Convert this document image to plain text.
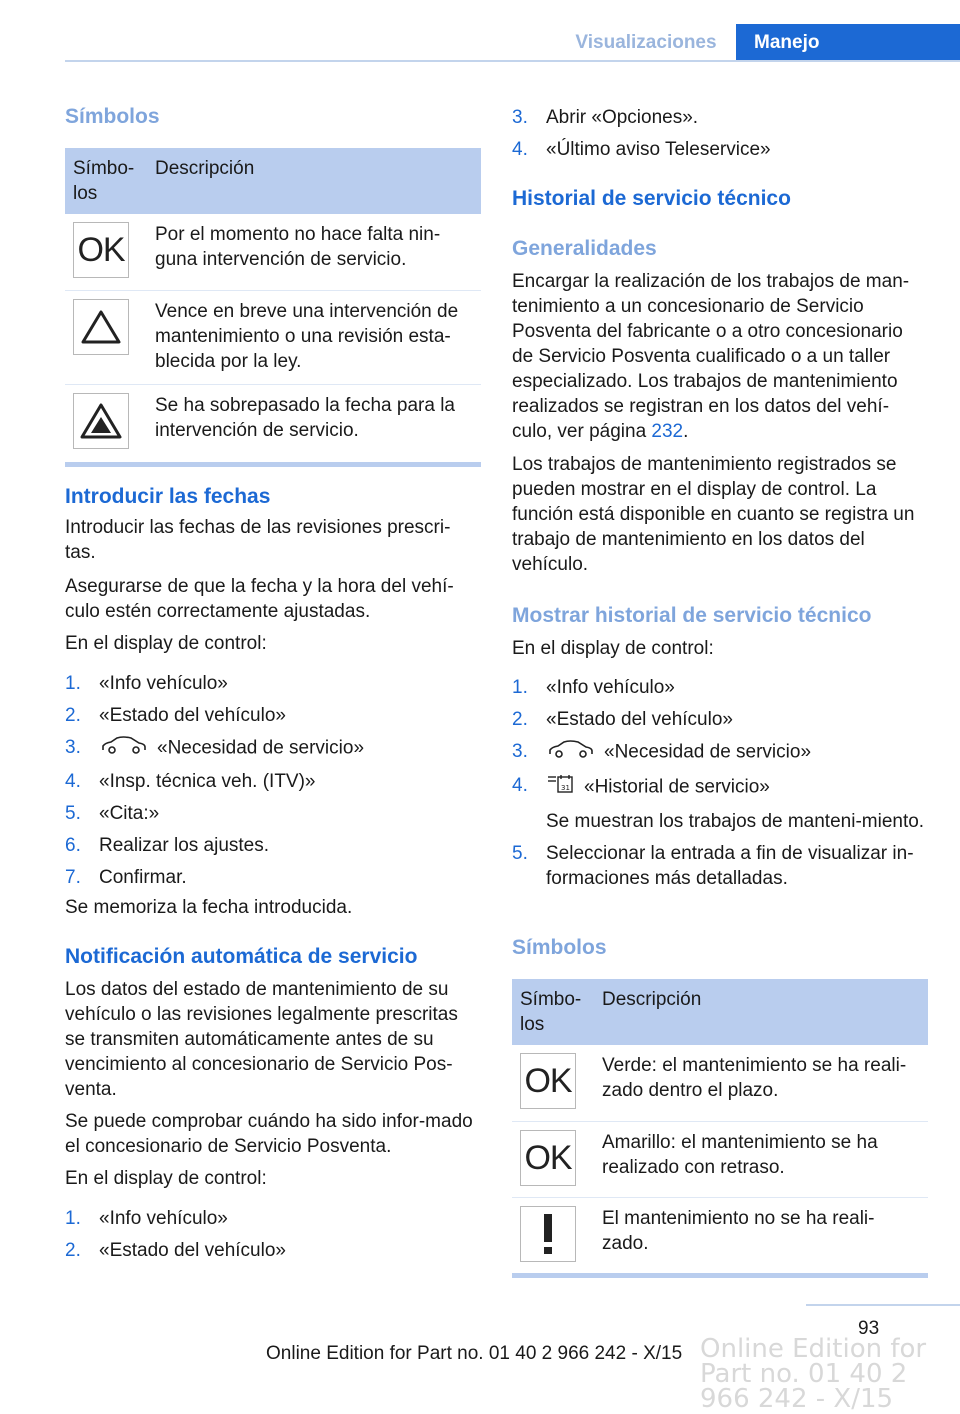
Visualizaciones	Manejo
Símbolos
Símbo-
los	Descripción

OK	Por el momento no hace falta nin-guna intervención de servicio.

	Vence en breve una intervención de mantenimiento o una revisión esta-blecida por la ley.

	Se ha sobrepasado la fecha para la intervención de servicio.
Introducir las fechas
Introducir las fechas de las revisiones prescri-tas.
Asegurarse de que la fecha y la hora del vehí-culo estén correctamente ajustadas.
En el display de control:
1. «Info vehículo»
2. «Estado del vehículo»
3.	«Necesidad de servicio»
4. «Insp. técnica veh. (ITV)»
5. «Cita:»
6. Realizar los ajustes.
7. Confirmar.
Se memoriza la fecha introducida.
Notificación automática de servicio
Los datos del estado de mantenimiento de su vehículo o las revisiones legalmente prescritas se transmiten automáticamente antes de su vencimiento al concesionario de Servicio Pos-venta.
Se puede comprobar cuándo ha sido infor-mado el concesionario de Servicio Posventa.
En el display de control:
1. «Info vehículo»
2. «Estado del vehículo»
3. Abrir «Opciones».
4. «Último aviso Teleservice»
Historial de servicio técnico
Generalidades
Encargar la realización de los trabajos de man-tenimiento a un concesionario de Servicio Posventa del fabricante o a otro concesionario de Servicio Posventa cualificado o a un taller especializado. Los trabajos de mantenimiento realizados se registran en los datos del vehí-culo, ver página 232.
Los trabajos de mantenimiento registrados se pueden mostrar en el display de control. La función está disponible en cuanto se registra un trabajo de mantenimiento en los datos del vehículo.
Mostrar historial de servicio técnico
En el display de control:
1. «Info vehículo»
2. «Estado del vehículo»
3.	«Necesidad de servicio»
4.	31 «Historial de servicio»
Se muestran los trabajos de manteni-miento.
5. Seleccionar la entrada a fin de visualizar in-formaciones más detalladas.
Símbolos
Símbo-
los	Descripción

OK	Verde: el mantenimiento se ha reali-zado dentro el plazo.

OK	Amarillo: el mantenimiento se ha realizado con retraso.

	El mantenimiento no se ha reali-zado.
93
Online Edition for Part no. 01 40 2 966 242 - X/15
Online Edition for Part no. 01 40 2 966 242 - X/15
